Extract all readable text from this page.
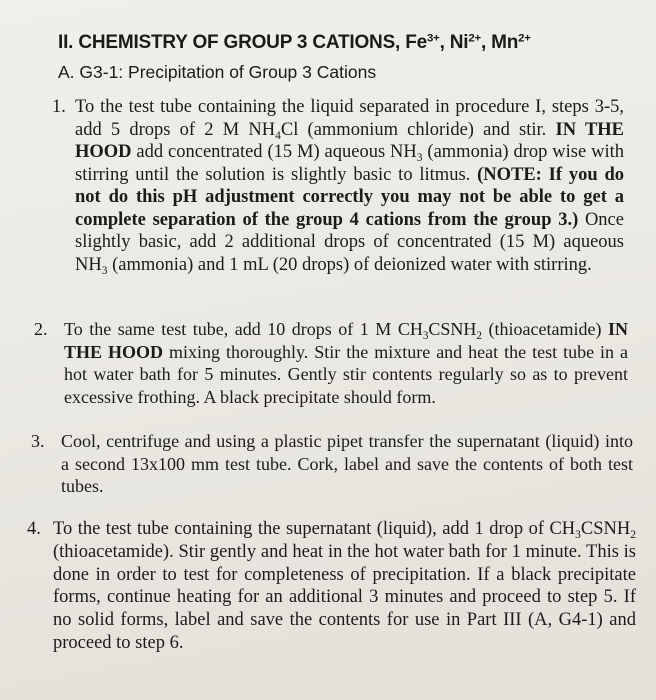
II. CHEMISTRY OF GROUP 3 CATIONS, $Fe^{3+}$, $Ni^{2+}$, $Mn^{2+}$
A. G3-1: Precipitation of Group 3 Cations
1. To the test tube containing the liquid separated in procedure I, steps 3-5, add 5 drops of 2 M $NH_4Cl$ (ammonium chloride) and stir. IN THE HOOD add concentrated (15 M) aqueous $NH_3$ (ammonia) drop wise with stirring until the solution is slightly basic to litmus. (NOTE: If you do not do this pH adjustment correctly you may not be able to get a complete separation of the group 4 cations from the group 3.) Once slightly basic, add 2 additional drops of concentrated (15 M) aqueous $NH_3$ (ammonia) and 1 mL (20 drops) of deionized water with stirring.
2. To the same test tube, add 10 drops of 1 M $CH_3CSNH_2$ (thioacetamide) IN THE HOOD mixing thoroughly. Stir the mixture and heat the test tube in a hot water bath for 5 minutes. Gently stir contents regularly so as to prevent excessive frothing. A black precipitate should form.
3. Cool, centrifuge and using a plastic pipet transfer the supernatant (liquid) into a second 13x100 mm test tube. Cork, label and save the contents of both test tubes.
4. To the test tube containing the supernatant (liquid), add 1 drop of $CH_3CSNH_2$ (thioacetamide). Stir gently and heat in the hot water bath for 1 minute. This is done in order to test for completeness of precipitation. If a black precipitate forms, continue heating for an additional 3 minutes and proceed to step 5. If no solid forms, label and save the contents for use in Part III (A, G4-1) and proceed to step 6.
